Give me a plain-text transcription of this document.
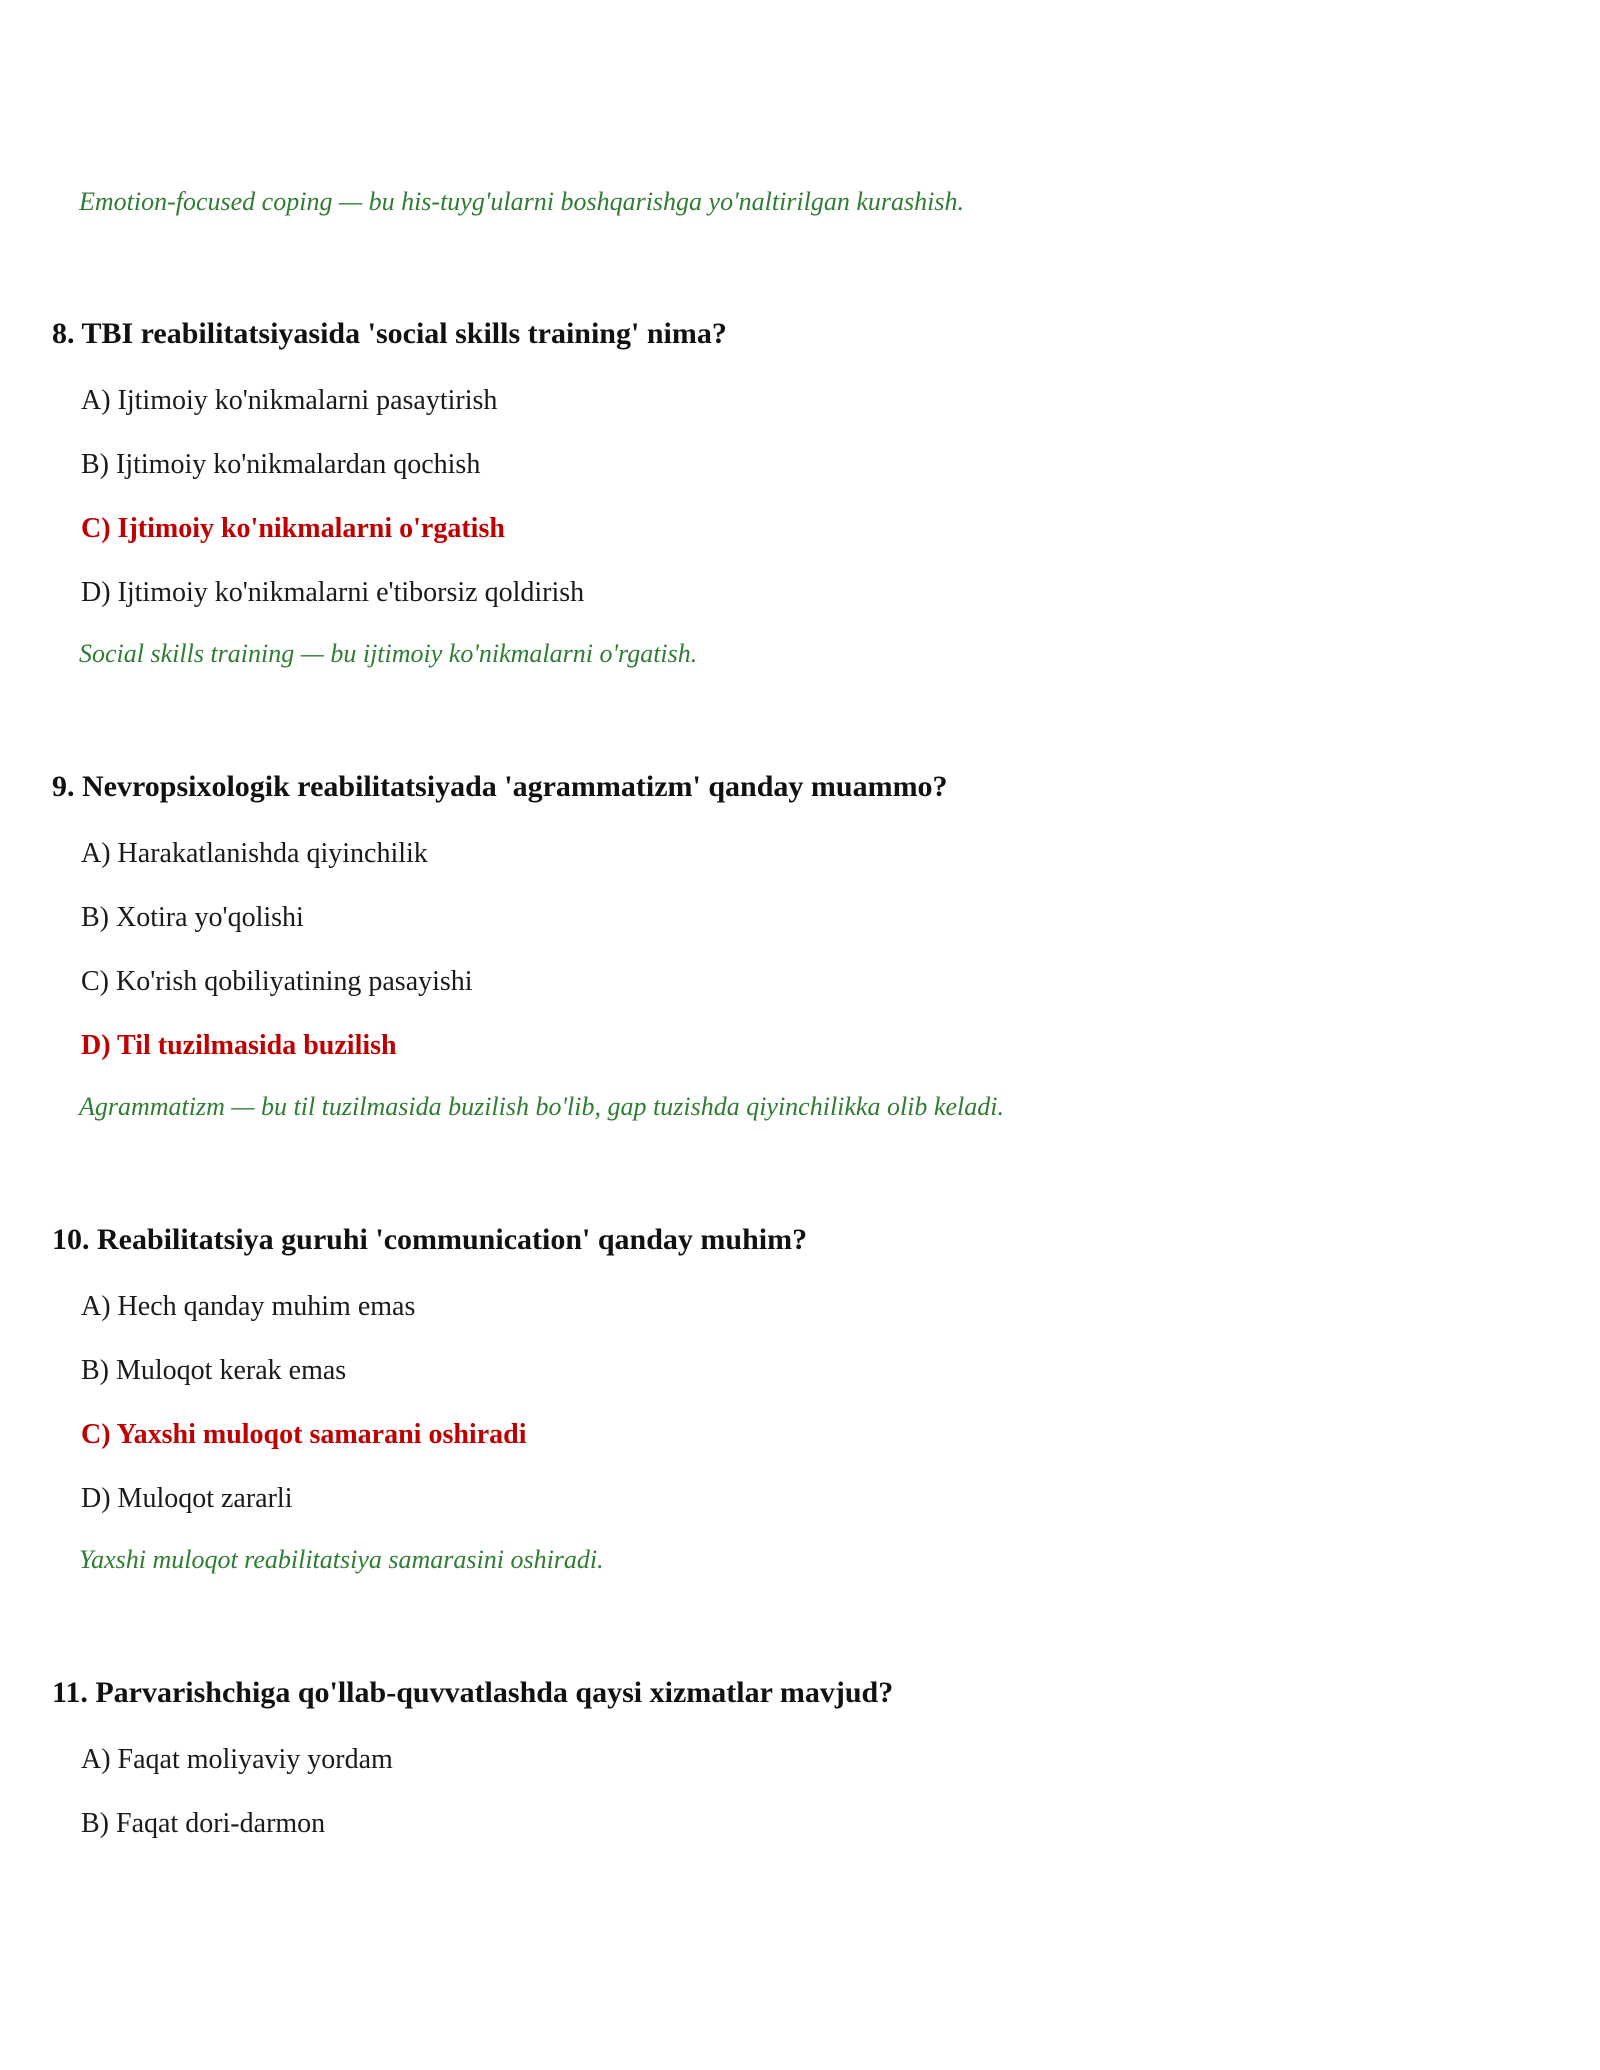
Emotion-focused coping — bu his-tuyg'ularni boshqarishga yo'naltirilgan kurashish.
8. TBI reabilitatsiyasida 'social skills training' nima?
A) Ijtimoiy ko'nikmalarni pasaytirish
B) Ijtimoiy ko'nikmalardan qochish
C) Ijtimoiy ko'nikmalarni o'rgatish
D) Ijtimoiy ko'nikmalarni e'tiborsiz qoldirish
Social skills training — bu ijtimoiy ko'nikmalarni o'rgatish.
9. Nevropsixologik reabilitatsiyada 'agrammatizm' qanday muammo?
A) Harakatlanishda qiyinchilik
B) Xotira yo'qolishi
C) Ko'rish qobiliyatining pasayishi
D) Til tuzilmasida buzilish
Agrammatizm — bu til tuzilmasida buzilish bo'lib, gap tuzishda qiyinchilikka olib keladi.
10. Reabilitatsiya guruhi 'communication' qanday muhim?
A) Hech qanday muhim emas
B) Muloqot kerak emas
C) Yaxshi muloqot samarani oshiradi
D) Muloqot zararli
Yaxshi muloqot reabilitatsiya samarasini oshiradi.
11. Parvarishchiga qo'llab-quvvatlashda qaysi xizmatlar mavjud?
A) Faqat moliyaviy yordam
B) Faqat dori-darmon
